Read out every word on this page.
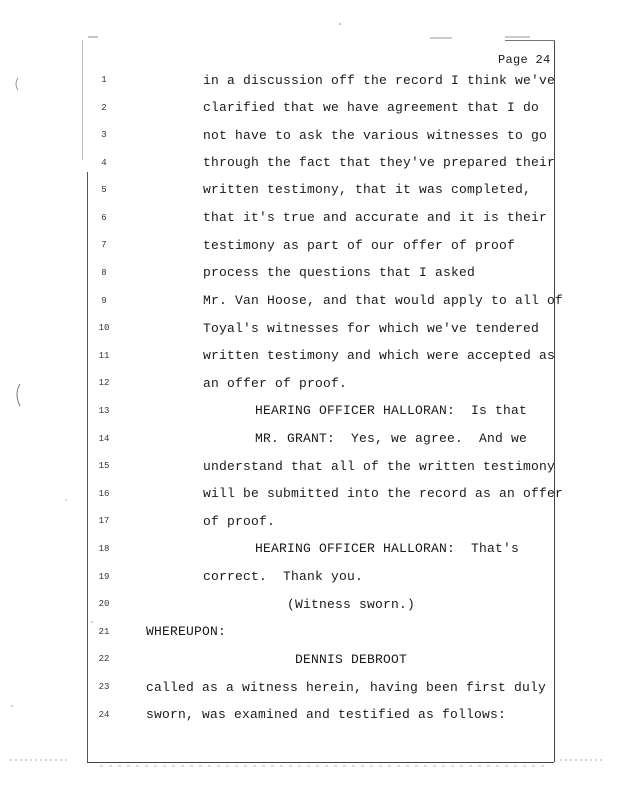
Page 24
1	in a discussion off the record I think we've
2	clarified that we have agreement that I do
3	not have to ask the various witnesses to go
4	through the fact that they've prepared their
5	written testimony, that it was completed,
6	that it's true and accurate and it is their
7	testimony as part of our offer of proof
8	process the questions that I asked
9	Mr. Van Hoose, and that would apply to all of
10	Toyal's witnesses for which we've tendered
11	written testimony and which were accepted as
12	an offer of proof.
13	HEARING OFFICER HALLORAN:  Is that
14	MR. GRANT:  Yes, we agree.  And we
15	understand that all of the written testimony
16	will be submitted into the record as an offer
17	of proof.
18	HEARING OFFICER HALLORAN:  That's
19	correct.  Thank you.
20	(Witness sworn.)
21	WHEREUPON:
22	DENNIS DEBROOT
23	called as a witness herein, having been first duly
24	sworn, was examined and testified as follows:
